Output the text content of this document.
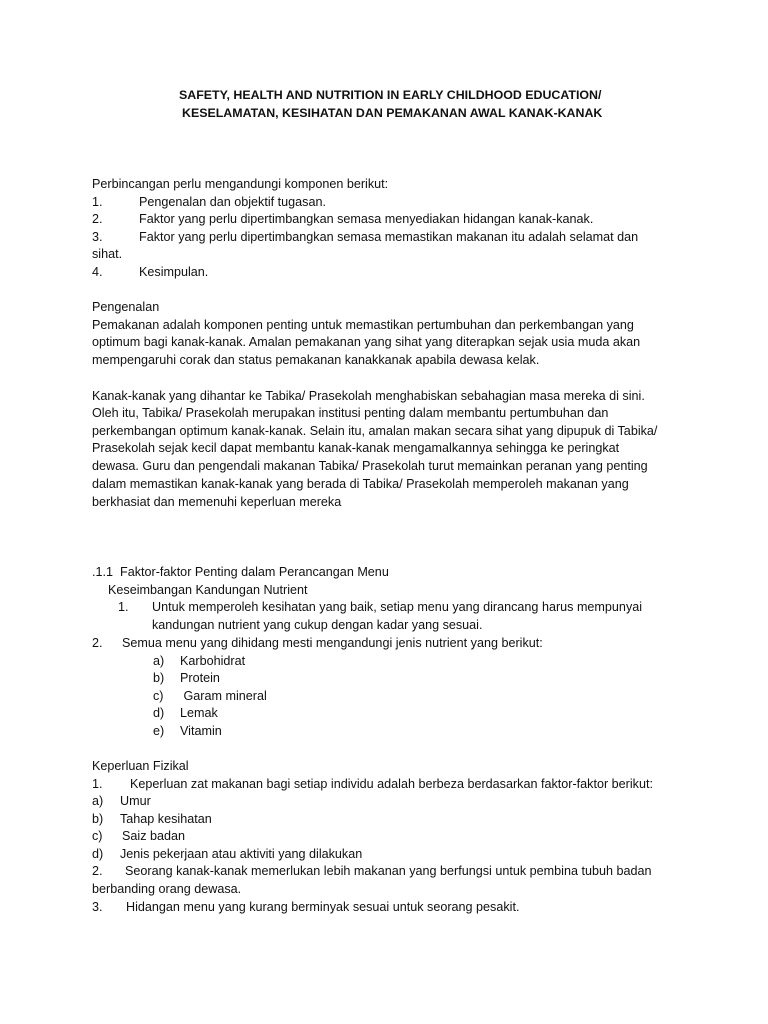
SAFETY, HEALTH AND NUTRITION IN EARLY CHILDHOOD EDUCATION/
KESELAMATAN, KESIHATAN DAN PEMAKANAN AWAL KANAK-KANAK
Perbincangan perlu mengandungi komponen berikut:
1.	Pengenalan dan objektif tugasan.
2.	Faktor yang perlu dipertimbangkan semasa menyediakan hidangan kanak-kanak.
3.	Faktor yang perlu dipertimbangkan semasa memastikan makanan itu adalah selamat dan
sihat.
4.	Kesimpulan.
Pengenalan
Pemakanan adalah komponen penting untuk memastikan pertumbuhan dan perkembangan yang
optimum bagi kanak-kanak. Amalan pemakanan yang sihat yang diterapkan sejak usia muda akan
mempengaruhi corak dan status pemakanan kanakkanak apabila dewasa kelak.
Kanak-kanak yang dihantar ke Tabika/ Prasekolah menghabiskan sebahagian masa mereka di sini.
Oleh itu, Tabika/ Prasekolah merupakan institusi penting dalam membantu pertumbuhan dan
perkembangan optimum kanak-kanak. Selain itu, amalan makan secara sihat yang dipupuk di Tabika/
Prasekolah sejak kecil dapat membantu kanak-kanak mengamalkannya sehingga ke peringkat
dewasa. Guru dan pengendali makanan Tabika/ Prasekolah turut memainkan peranan yang penting
dalam memastikan kanak-kanak yang berada di Tabika/ Prasekolah memperoleh makanan yang
berkhasiat dan memenuhi keperluan mereka
.1.1  Faktor-faktor Penting dalam Perancangan Menu
Keseimbangan Kandungan Nutrient
1. Untuk memperoleh kesihatan yang baik, setiap menu yang dirancang harus mempunyai
kandungan nutrient yang cukup dengan kadar yang sesuai.
2. Semua menu yang dihidang mesti mengandungi jenis nutrient yang berikut:
a) Karbohidrat
b) Protein
c) Garam mineral
d) Lemak
e) Vitamin
Keperluan Fizikal
1. Keperluan zat makanan bagi setiap individu adalah berbeza berdasarkan faktor-faktor berikut:
a) Umur
b) Tahap kesihatan
c) Saiz badan
d) Jenis pekerjaan atau aktiviti yang dilakukan
2. Seorang kanak-kanak memerlukan lebih makanan yang berfungsi untuk pembina tubuh badan
berbanding orang dewasa.
3. Hidangan menu yang kurang berminyak sesuai untuk seorang pesakit.
